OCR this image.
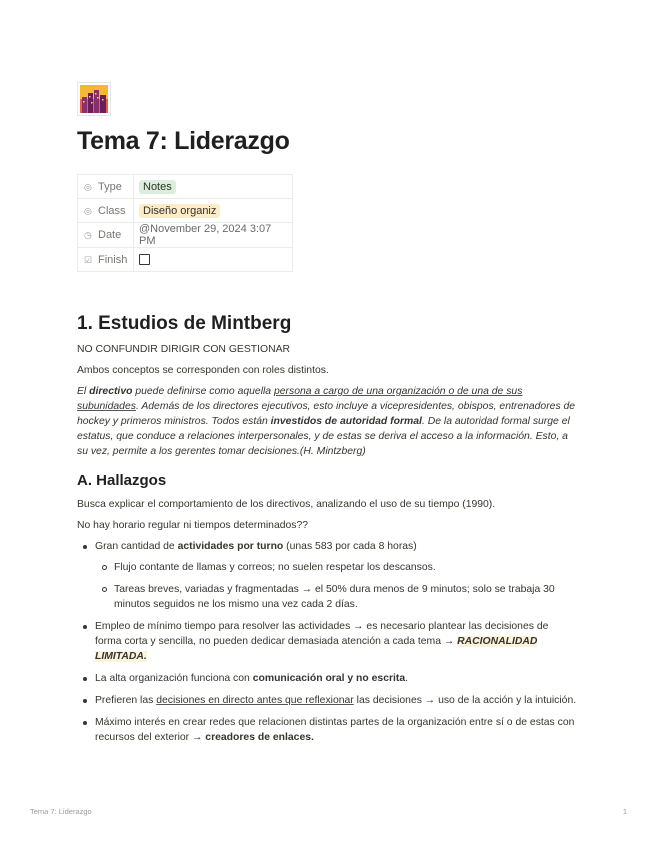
Tema 7: Liderazgo
◎ Type	Notes
◎ Class	Diseño organiz
◷ Date	@November 29, 2024 3:07 PM
☑ Finish	
1. Estudios de Mintberg

NO CONFUNDIR DIRIGIR CON GESTIONAR

Ambos conceptos se corresponden con roles distintos.

El directivo puede definirse como aquella persona a cargo de una organización o de una de sus subunidades. Además de los directores ejecutivos, esto incluye a vicepresidentes, obispos, entrenadores de hockey y primeros ministros. Todos están investidos de autoridad formal. De la autoridad formal surge el estatus, que conduce a relaciones interpersonales, y de estas se deriva el acceso a la información. Esto, a su vez, permite a los gerentes tomar decisiones.(H. Mintzberg)

A. Hallazgos

Busca explicar el comportamiento de los directivos, analizando el uso de su tiempo (1990).

No hay horario regular ni tiempos determinados??

Gran cantidad de actividades por turno (unas 583 por cada 8 horas)
Flujo contante de llamas y correos; no suelen respetar los descansos.
Tareas breves, variadas y fragmentadas → el 50% dura menos de 9 minutos; solo se trabaja 30 minutos seguidos ne los mismo una vez cada 2 días.
Empleo de mínimo tiempo para resolver las actividades → es necesario plantear las decisiones de forma corta y sencilla, no pueden dedicar demasiada atención a cada tema → RACIONALIDAD LIMITADA.
La alta organización funciona con comunicación oral y no escrita.
Prefieren las decisiones en directo antes que reflexionar las decisiones → uso de la acción y la intuición.
Máximo interés en crear redes que relacionen distintas partes de la organización entre sí o de estas con recursos del exterior → creadores de enlaces.
Tema 7: Liderazgo	1
